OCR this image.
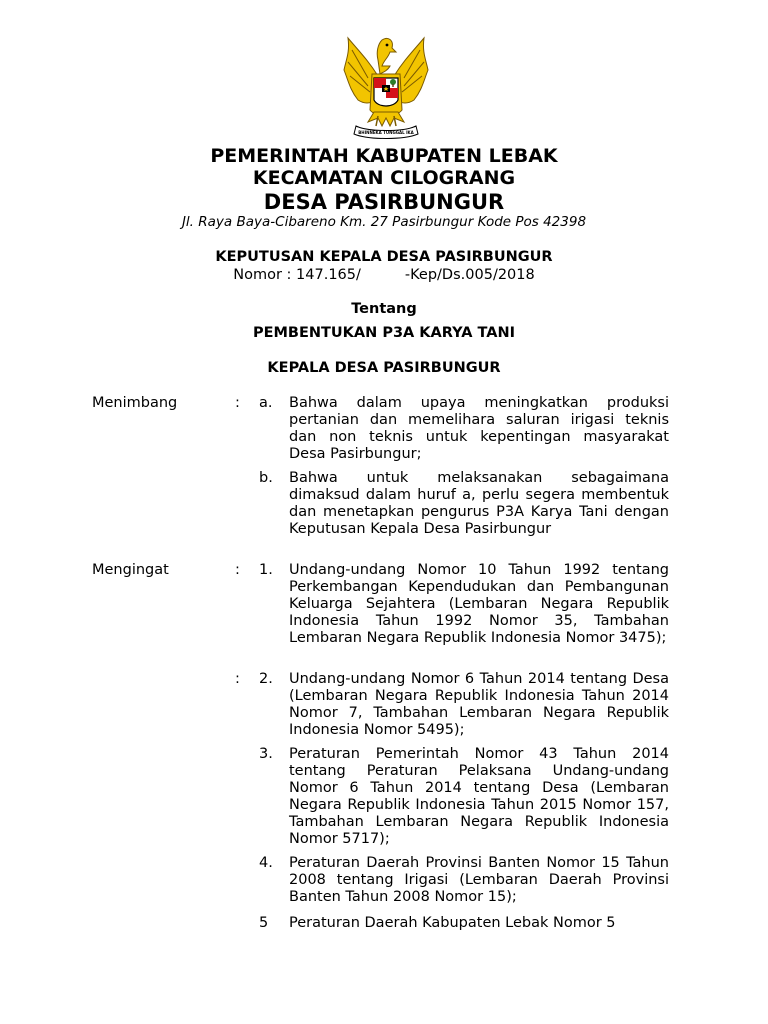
BHINNEKA TUNGGAL IKA
PEMERINTAH KABUPATEN LEBAK
KECAMATAN CILOGRANG
DESA PASIRBUNGUR
Jl. Raya Baya-Cibareno Km. 27 Pasirbungur Kode Pos 42398
KEPUTUSAN KEPALA DESA PASIRBUNGUR
Nomor : 147.165/	-Kep/Ds.005/2018
Tentang
PEMBENTUKAN P3A KARYA TANI
KEPALA DESA PASIRBUNGUR
Menimbang	: a.	Bahwa dalam upaya meningkatkan produksi pertanian dan memelihara saluran irigasi teknis dan non teknis untuk kepentingan masyarakat Desa Pasirbungur;
b. Bahwa untuk melaksanakan sebagaimana dimaksud dalam huruf a, perlu segera membentuk dan menetapkan pengurus P3A Karya Tani dengan Keputusan Kepala Desa Pasirbungur
Mengingat	: 1. Undang-undang Nomor 10 Tahun 1992 tentang Perkembangan Kependudukan dan Pembangunan Keluarga Sejahtera (Lembaran Negara Republik Indonesia Tahun 1992 Nomor 35, Tambahan Lembaran Negara Republik Indonesia Nomor 3475);
: 2. Undang-undang Nomor 6 Tahun 2014 tentang Desa (Lembaran Negara Republik Indonesia Tahun 2014 Nomor 7, Tambahan Lembaran Negara Republik Indonesia Nomor 5495);
3. Peraturan Pemerintah Nomor 43 Tahun 2014 tentang Peraturan Pelaksana Undang-undang Nomor 6 Tahun 2014 tentang Desa (Lembaran Negara Republik Indonesia Tahun 2015 Nomor 157, Tambahan Lembaran Negara Republik Indonesia Nomor 5717);
4. Peraturan Daerah Provinsi Banten Nomor 15 Tahun 2008 tentang Irigasi (Lembaran Daerah Provinsi Banten Tahun 2008 Nomor 15);
5	Peraturan Daerah Kabupaten Lebak Nomor 5
